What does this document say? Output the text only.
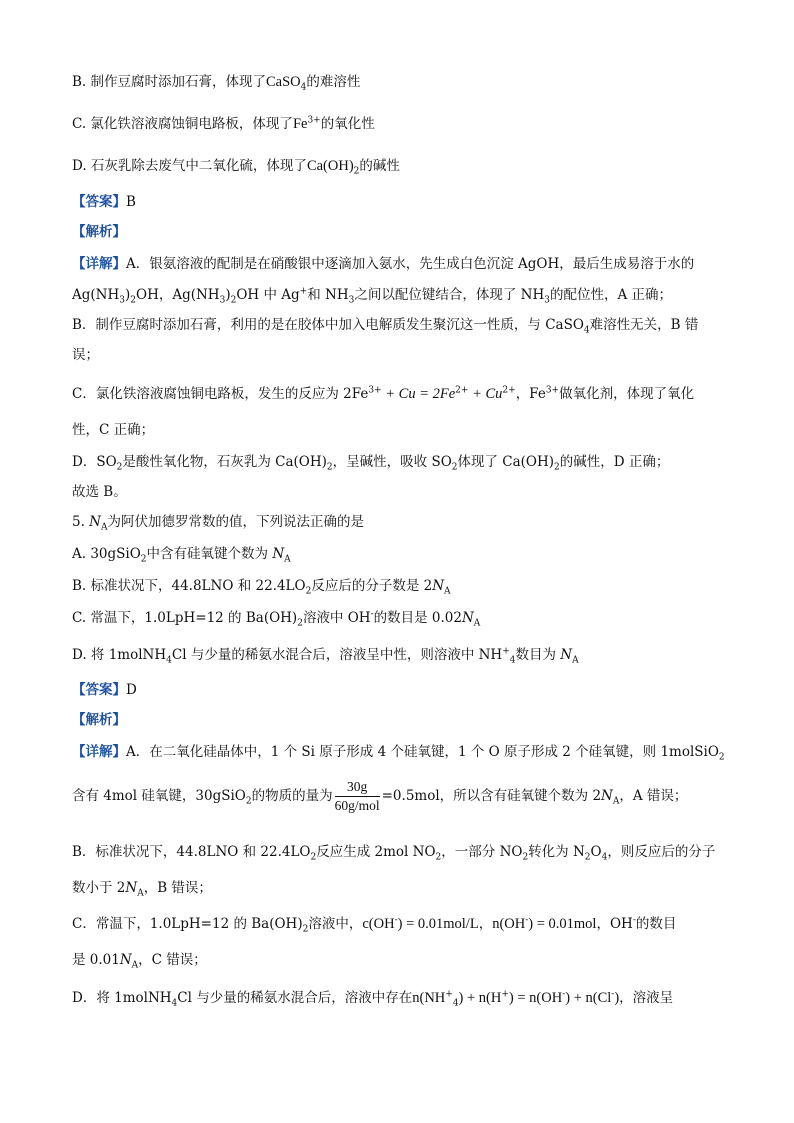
B. 制作豆腐时添加石膏，体现了CaSO$_4$的难溶性
C. 氯化铁溶液腐蚀铜电路板，体现了$Fe^{3+}$的氧化性
D. 石灰乳除去废气中二氧化硫，体现了$Ca(OH)_2$的碱性
【答案】B
【解析】
【详解】A．银氨溶液的配制是在硝酸银中逐滴加入氨水，先生成白色沉淀 AgOH，最后生成易溶于水的
$Ag(NH_3)_2OH$，$Ag(NH_3)_2OH$ 中 Ag+和 $NH_3$之间以配位键结合，体现了 $NH_3$的配位性，A 正确；
B．制作豆腐时添加石膏，利用的是在胶体中加入电解质发生聚沉这一性质，与 CaSO$_4$难溶性无关，B 错
误；
C．氯化铁溶液腐蚀铜电路板，发生的反应为 $2Fe^{3+} + Cu = 2Fe^{2+} + Cu^{2+}$，$Fe^{3+}$做氧化剂，体现了氧化
性，C 正确；
D．$SO_2$是酸性氧化物，石灰乳为 $Ca(OH)_2$，呈碱性，吸收 $SO_2$体现了 $Ca(OH)_2$的碱性，D 正确；
故选 B。
5. $N_A$为阿伏加德罗常数的值，下列说法正确的是
A. 30gSiO$_2$中含有硅氧键个数为 $N_A$
B. 标准状况下，44.8LNO 和 $22.4LO_2$反应后的分子数是 $2N_A$
C. 常温下，1.0LpH=12 的 $Ba(OH)_2$溶液中 OH-的数目是 $0.02N_A$
D. 将 1molNH$_4$Cl 与少量的稀氨水混合后，溶液呈中性，则溶液中 $NH^+_4$数目为 $N_A$
【答案】D
【解析】
【详解】A．在二氧化硅晶体中，1 个 Si 原子形成 4 个硅氧键，1 个 O 原子形成 2 个硅氧键，则 1molSiO$_2$
含有 4mol 硅氧键，30gSiO$_2$的物质的量为 $\frac{30g}{\text{60g/mol}} =0.5mol$，所以含有硅氧键个数为 $2N_A$，A 错误；
B．标准状况下，44.8LNO 和 $22.4LO_2$反应生成 2mol $NO_2$，一部分 $NO_2$转化为 $N_2O_4$，则反应后的分子
数小于 $2N_A$，B 错误；
C．常温下，1.0LpH=12 的 $Ba(OH)_2$溶液中，c(OH-) = 0.01mol/L，n(OH-) = 0.01mol，OH-的数目
是 $0.01N_A$，C 错误；
D．将 1molNH$_4$Cl 与少量的稀氨水混合后，溶液中存在$n(NH^+_4) + n(H^+) = n(OH^-) + n(Cl^-)$，溶液呈
